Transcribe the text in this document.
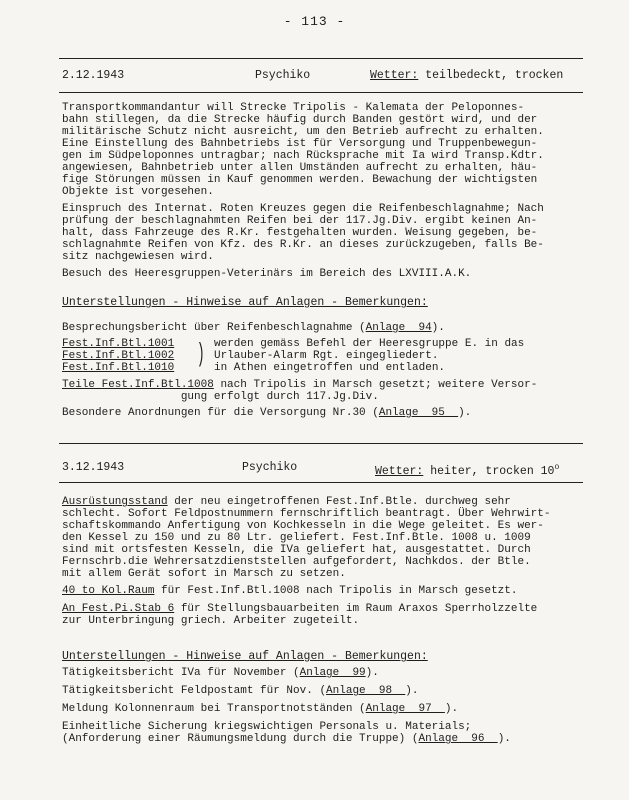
- 113 -
2.12.1943	Psychiko	Wetter: teilbedeckt, trocken
Transportkommandantur will Strecke Tripolis - Kalemata der Peloponnes-
bahn stillegen, da die Strecke häufig durch Banden gestört wird, und der
militärische Schutz nicht ausreicht, um den Betrieb aufrecht zu erhalten.
Eine Einstellung des Bahnbetriebs ist für Versorgung und Truppenbewegun-
gen im Südpeloponnes untragbar; nach Rücksprache mit Ia wird Transp.Kdtr.
angewiesen, Bahnbetrieb unter allen Umständen aufrecht zu erhalten, häu-
fige Störungen müssen in Kauf genommen werden. Bewachung der wichtigsten
Objekte ist vorgesehen.
Einspruch des Internat. Roten Kreuzes gegen die Reifenbeschlagnahme; Nach
prüfung der beschlagnahmten Reifen bei der 117.Jg.Div. ergibt keinen An-
halt, dass Fahrzeuge des R.Kr. festgehalten wurden. Weisung gegeben, be-
schlagnahmte Reifen von Kfz. des R.Kr. an dieses zurückzugeben, falls Be-
sitz nachgewiesen wird.
Besuch des Heeresgruppen-Veterinärs im Bereich des LXVIII.A.K.
Unterstellungen - Hinweise auf Anlagen - Bemerkungen:
Besprechungsbericht über Reifenbeschlagnahme (Anlage  94).
Fest.Inf.Btl.1001
Fest.Inf.Btl.1002
Fest.Inf.Btl.1010 ) werden gemäss Befehl der Heeresgruppe E. in das
Urlauber-Alarm Rgt. eingegliedert.
in Athen eingetroffen und entladen.
Teile Fest.Inf.Btl.1008 nach Tripolis in Marsch gesetzt; weitere Versor-
gung erfolgt durch 117.Jg.Div.
Besondere Anordnungen für die Versorgung Nr.30 (Anlage  95  ).
3.12.1943	Psychiko	Wetter: heiter, trocken 10$^o$
Ausrüstungsstand der neu eingetroffenen Fest.Inf.Btle. durchweg sehr
schlecht. Sofort Feldpostnummern fernschriftlich beantragt. Über Wehrwirt-
schaftskommando Anfertigung von Kochkesseln in die Wege geleitet. Es wer-
den Kessel zu 150 und zu 80 Ltr. geliefert. Fest.Inf.Btle. 1008 u. 1009
sind mit ortsfesten Kesseln, die IVa geliefert hat, ausgestattet. Durch
Fernschrb.die Wehrersatzdienststellen aufgefordert, Nachkdos. der Btle.
mit allem Gerät sofort in Marsch zu setzen.
40 to Kol.Raum für Fest.Inf.Btl.1008 nach Tripolis in Marsch gesetzt.
An Fest.Pi.Stab 6 für Stellungsbauarbeiten im Raum Araxos Sperrholzzelte
zur Unterbringung griech. Arbeiter zugeteilt.
Unterstellungen - Hinweise auf Anlagen - Bemerkungen:
Tätigkeitsbericht IVa für November (Anlage  99).
Tätigkeitsbericht Feldpostamt für Nov. (Anlage  98  ).
Meldung Kolonnenraum bei Transportnotständen (Anlage  97  ).
Einheitliche Sicherung kriegswichtigen Personals u. Materials;
(Anforderung einer Räumungsmeldung durch die Truppe) (Anlage  96  ).
